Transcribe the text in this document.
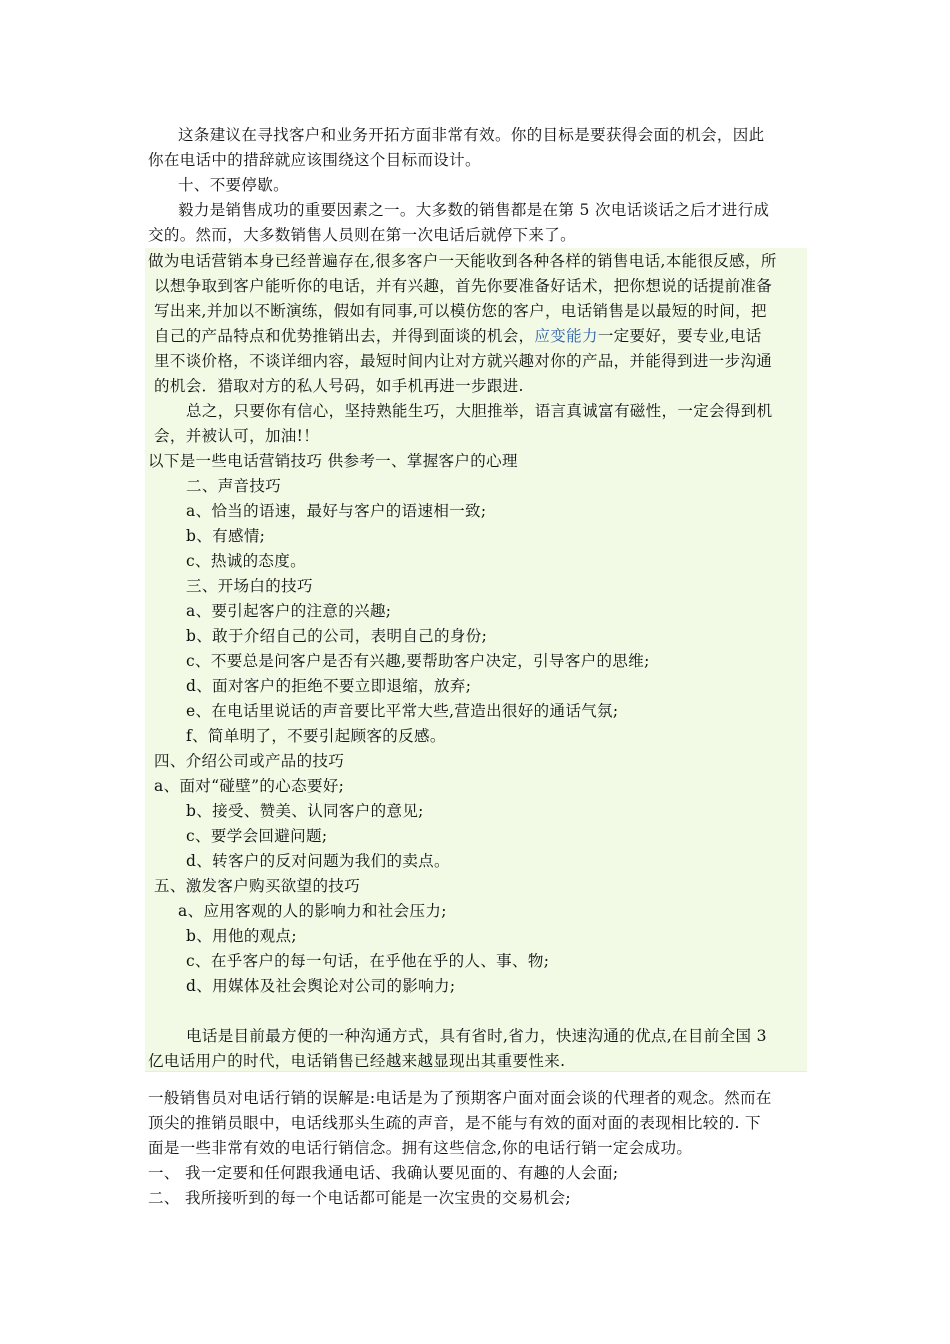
这条建议在寻找客户和业务开拓方面非常有效。你的目标是要获得会面的机会，因此
你在电话中的措辞就应该围绕这个目标而设计。
十、不要停歇。
毅力是销售成功的重要因素之一。大多数的销售都是在第 5 次电话谈话之后才进行成
交的。然而，大多数销售人员则在第一次电话后就停下来了。
做为电话营销本身已经普遍存在,很多客户一天能收到各种各样的销售电话,本能很反感，所
以想争取到客户能听你的电话，并有兴趣，首先你要准备好话术，把你想说的话提前准备
写出来,并加以不断演练，假如有同事,可以模仿您的客户，电话销售是以最短的时间，把
自己的产品特点和优势推销出去，并得到面谈的机会，应变能力一定要好，要专业,电话
里不谈价格，不谈详细内容，最短时间内让对方就兴趣对你的产品，并能得到进一步沟通
的机会．猎取对方的私人号码，如手机再进一步跟进.
总之，只要你有信心，坚持熟能生巧，大胆推举，语言真诚富有磁性，一定会得到机
会，并被认可，加油!！
以下是一些电话营销技巧 供参考一、掌握客户的心理
二、声音技巧
a、恰当的语速，最好与客户的语速相一致;
b、有感情;
c、热诚的态度。
三、开场白的技巧
a、要引起客户的注意的兴趣;
b、敢于介绍自己的公司，表明自己的身份;
c、不要总是问客户是否有兴趣,要帮助客户决定，引导客户的思维;
d、面对客户的拒绝不要立即退缩，放弃;
e、在电话里说话的声音要比平常大些,营造出很好的通话气氛;
f、简单明了，不要引起顾客的反感。
四、介绍公司或产品的技巧
a、面对“碰壁”的心态要好;
b、接受、赞美、认同客户的意见;
c、要学会回避问题;
d、转客户的反对问题为我们的卖点。
五、激发客户购买欲望的技巧
a、应用客观的人的影响力和社会压力;
b、用他的观点;
c、在乎客户的每一句话，在乎他在乎的人、事、物;
d、用媒体及社会舆论对公司的影响力;
电话是目前最方便的一种沟通方式，具有省时,省力，快速沟通的优点,在目前全国 3
亿电话用户的时代，电话销售已经越来越显现出其重要性来.
一般销售员对电话行销的误解是:电话是为了预期客户面对面会谈的代理者的观念。然而在
顶尖的推销员眼中，电话线那头生疏的声音，是不能与有效的面对面的表现相比较的. 下
面是一些非常有效的电话行销信念。拥有这些信念,你的电话行销一定会成功。
一、 我一定要和任何跟我通电话、我确认要见面的、有趣的人会面;
二、 我所接听到的每一个电话都可能是一次宝贵的交易机会;
